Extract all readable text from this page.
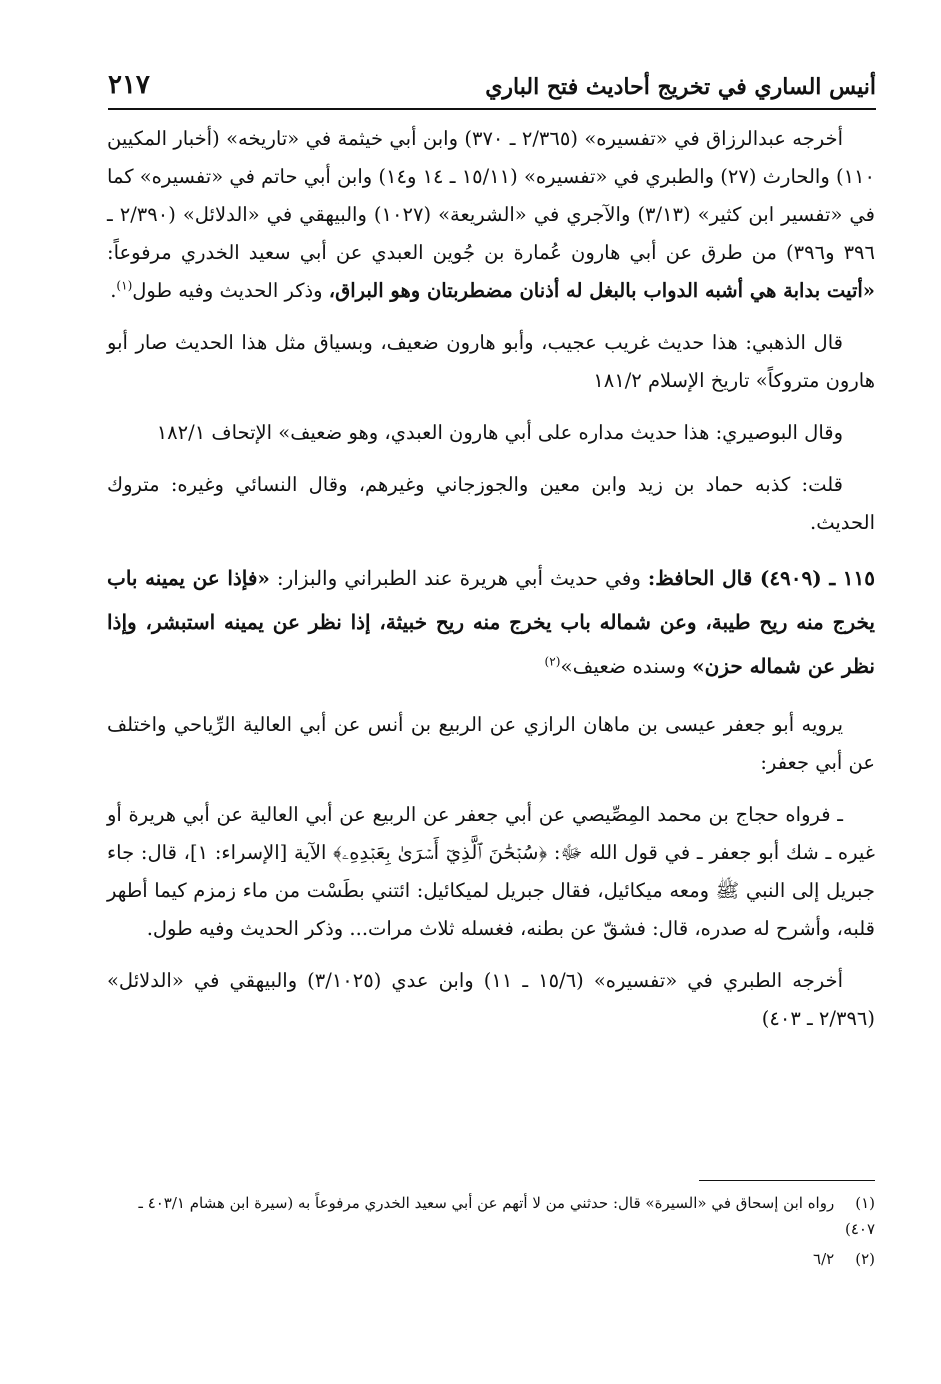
أنيس الساري في تخريج أحاديث فتح الباري
٢١٧

أخرجه عبدالرزاق في «تفسيره» (٢/٣٦٥ ـ ٣٧٠) وابن أبي خيثمة في «تاريخه» (أخبار المكيين ١١٠) والحارث (٢٧) والطبري في «تفسيره» (١٥/١١ ـ ١٤ و١٤) وابن أبي حاتم في «تفسيره» كما في «تفسير ابن كثير» (٣/١٣) والآجري في «الشريعة» (١٠٢٧) والبيهقي في «الدلائل» (٢/٣٩٠ ـ ٣٩٦ و٣٩٦) من طرق عن أبي هارون عُمارة بن جُوين العبدي عن أبي سعيد الخدري مرفوعاً: «أتيت بدابة هي أشبه الدواب بالبغل له أذنان مضطربتان وهو البراق، وذكر الحديث وفيه طول$^{(١)}$.

قال الذهبي: هذا حديث غريب عجيب، وأبو هارون ضعيف، وبسياق مثل هذا الحديث صار أبو هارون متروكاً» تاريخ الإسلام ١٨١/٢

وقال البوصيري: هذا حديث مداره على أبي هارون العبدي، وهو ضعيف» الإتحاف ١٨٢/١

قلت: كذبه حماد بن زيد وابن معين والجوزجاني وغيرهم، وقال النسائي وغيره: متروك الحديث.

١١٥ ـ (٤٩٠٩) قال الحافظ: وفي حديث أبي هريرة عند الطبراني والبزار: «فإذا عن يمينه باب يخرج منه ريح طيبة، وعن شماله باب يخرج منه ريح خبيثة، إذا نظر عن يمينه استبشر، وإذا نظر عن شماله حزن» وسنده ضعيف»$^{(٢)}$

يرويه أبو جعفر عيسى بن ماهان الرازي عن الربيع بن أنس عن أبي العالية الرِّياحي واختلف عن أبي جعفر:

ـ فرواه حجاج بن محمد المِصِّيصي عن أبي جعفر عن الربيع عن أبي العالية عن أبي هريرة أو غيره ـ شك أبو جعفر ـ في قول الله ﷻ: ﴿سُبۡحَٰنَ ٱلَّذِيٓ أَسۡرَىٰ بِعَبۡدِهِۦ﴾ الآية [الإسراء: ١]، قال: جاء جبريل إلى النبي ﷺ ومعه ميكائيل، فقال جبريل لميكائيل: ائتني بطَسْت من ماء زمزم كيما أطهر قلبه، وأشرح له صدره، قال: فشقّ عن بطنه، فغسله ثلاث مرات... وذكر الحديث وفيه طول.

أخرجه الطبري في «تفسيره» (١٥/٦ ـ ١١) وابن عدي (٣/١٠٢٥) والبيهقي في «الدلائل» (٢/٣٩٦ ـ ٤٠٣)

(١) رواه ابن إسحاق في «السيرة» قال: حدثني من لا أتهم عن أبي سعيد الخدري مرفوعاً به (سيرة ابن هشام ٤٠٣/١ ـ ٤٠٧)

(٢) ٦/٢
